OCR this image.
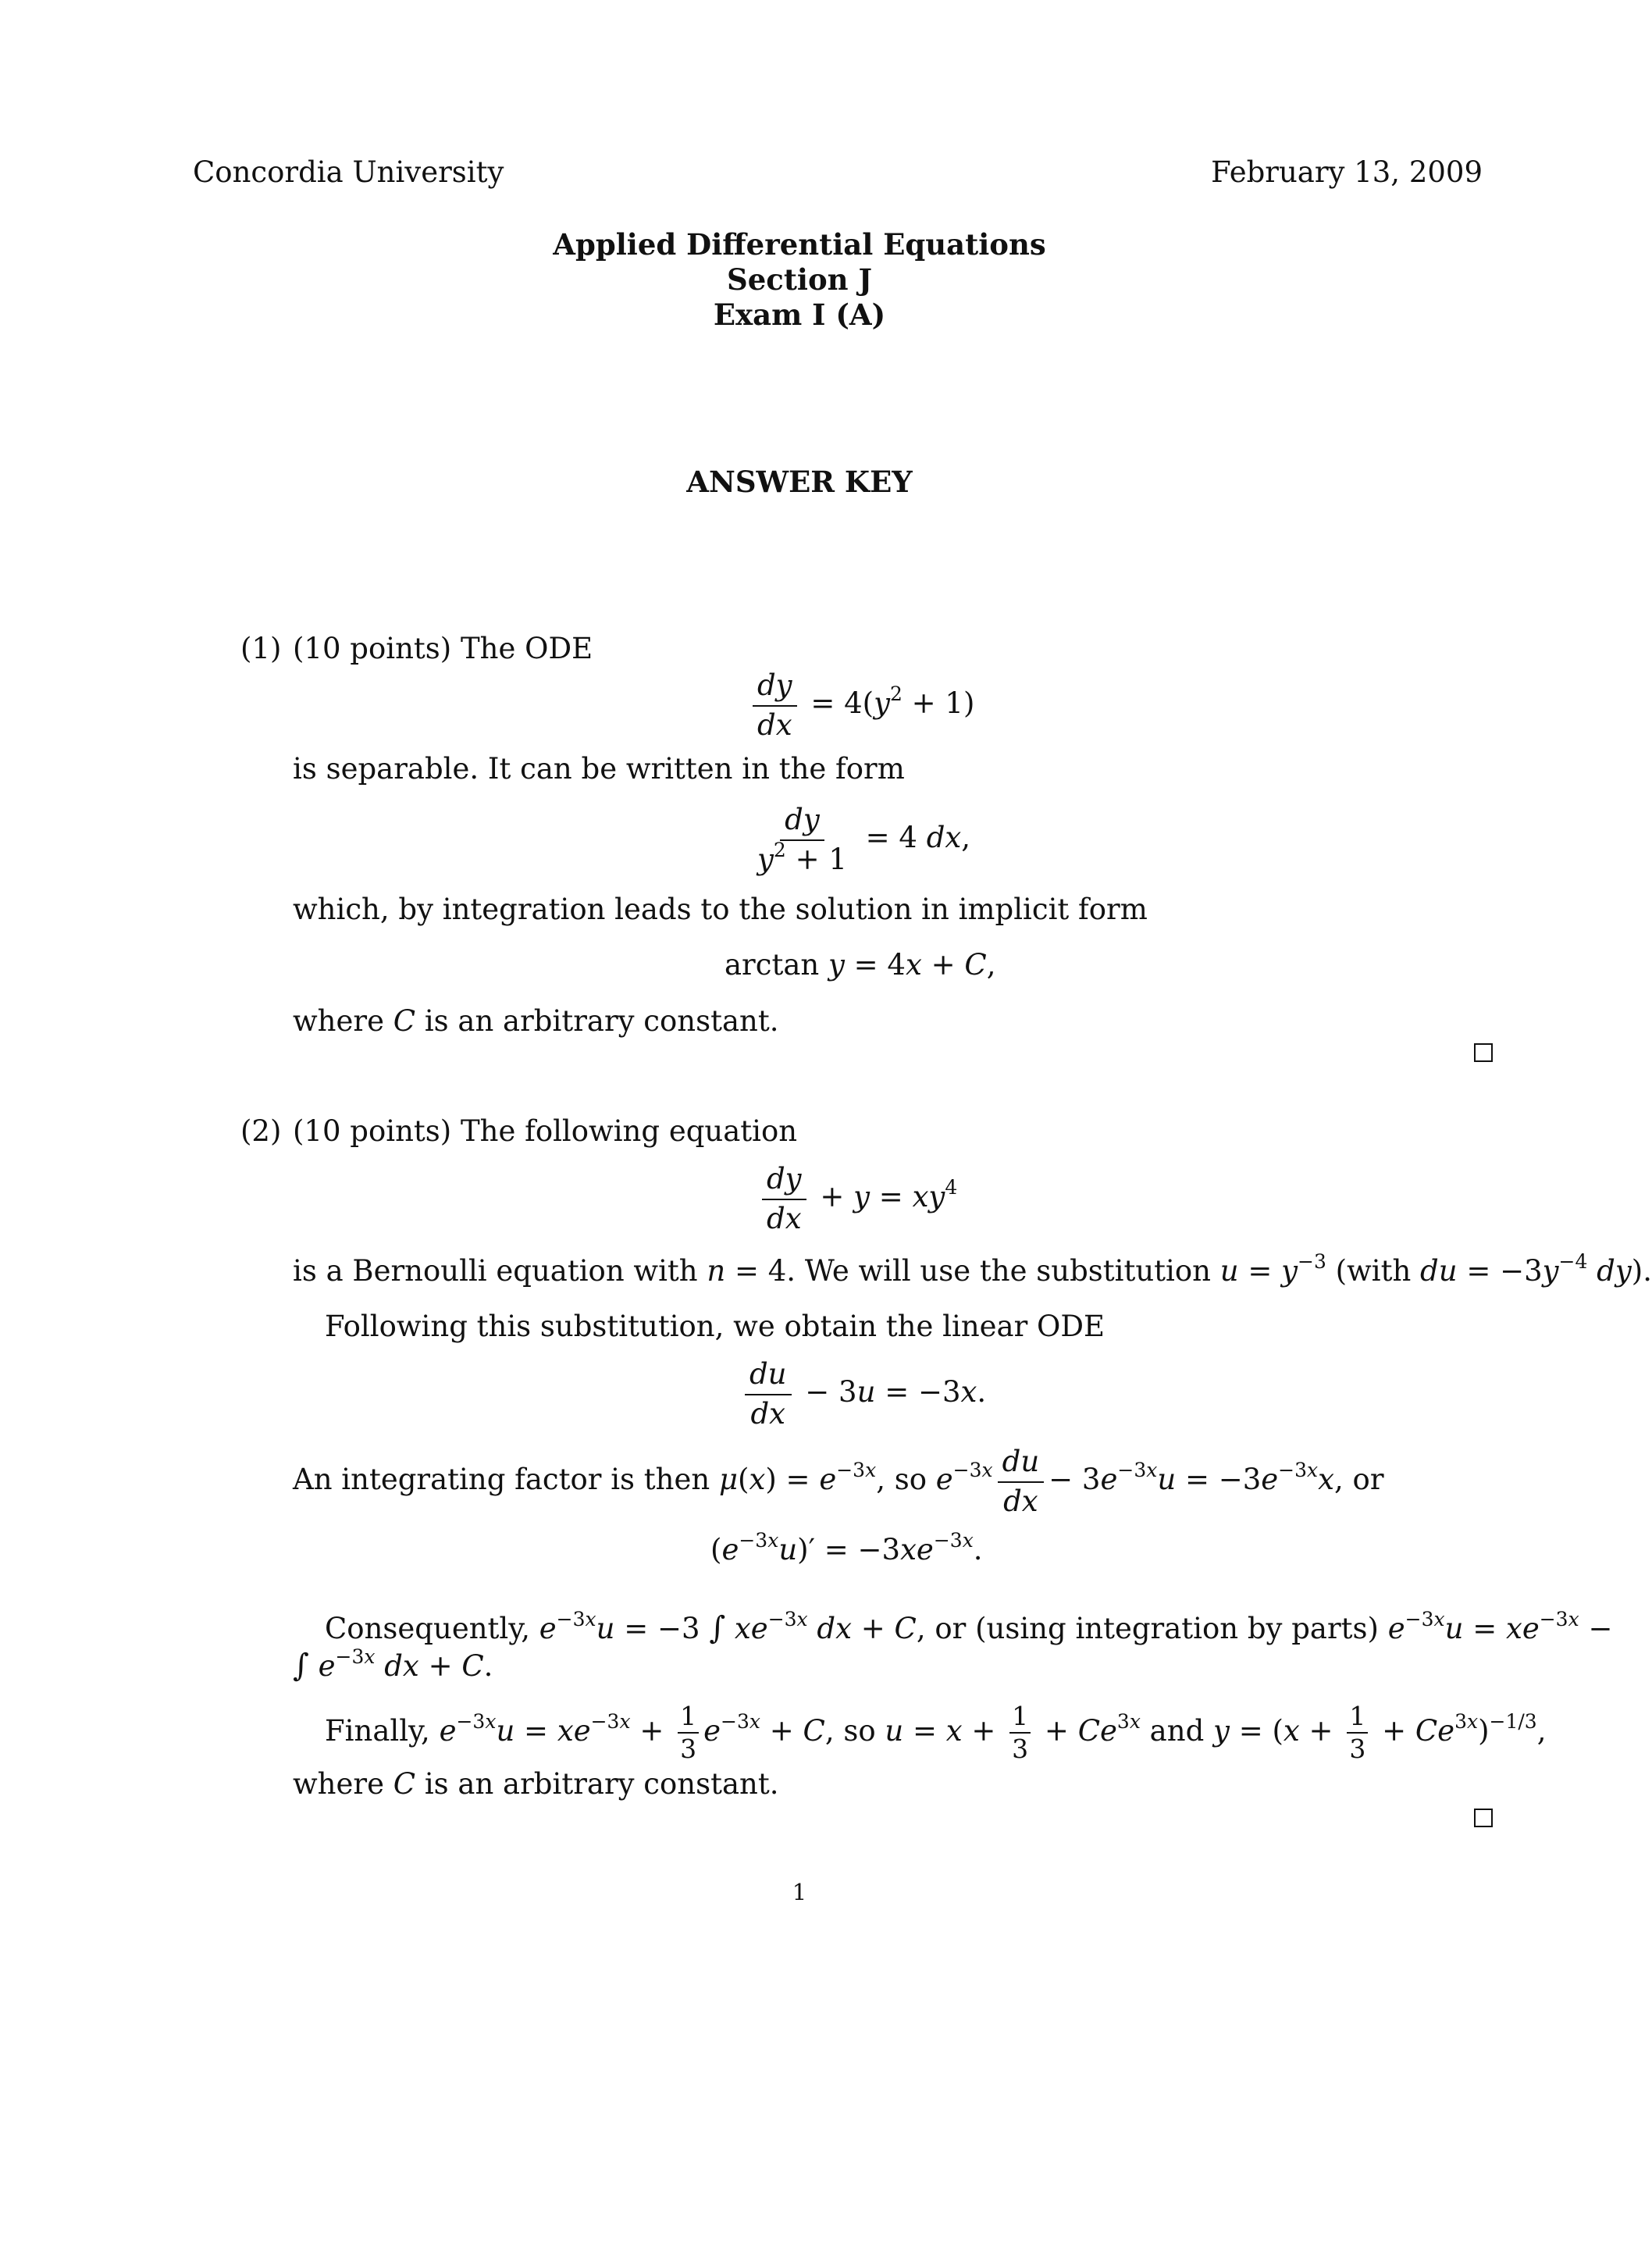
Concordia University	February 13, 2009
Applied Differential Equations
Section J
Exam I (A)
ANSWER KEY
(1) (10 points) The ODE
$\frac{dy}{dx} = 4(y^2 + 1)$
is separable. It can be written in the form
$\frac{dy}{y^2 + 1} = 4$ dx,
which, by integration leads to the solution in implicit form
arctan y = 4x + C,
where C is an arbitrary constant.
(2) (10 points) The following equation
$\frac{dy}{dx} + y = xy^4$
is a Bernoulli equation with n = 4. We will use the substitution $u = y^{-3}$ (with du = $-3y^{-4}$ dy).
Following this substitution, we obtain the linear ODE
$\frac{du}{dx} - 3u = -3x$.
An integrating factor is then $\mu(x) = e^{-3x}$, so $e^{-3x} \frac{du}{dx} - 3e^{-3x}u = -3e^{-3x}x$, or
$(e^{-3x}u)' = -3xe^{-3x}$.
Consequently, $e^{-3x}u = -3$ ∫ $xe^{-3x}$ dx + C, or (using integration by parts) $e^{-3x}u = xe^{-3x}$ −
∫ $e^{-3x}$ dx + C.
Finally, $e^{-3x}u = xe^{-3x} + \frac{1}{3} e^{-3x} + C$, so $u = x + \frac{1}{3} + Ce^{3x}$ and $y = (x + \frac{1}{3} + Ce^{3x})^{-1/3}$,
where C is an arbitrary constant.
1
